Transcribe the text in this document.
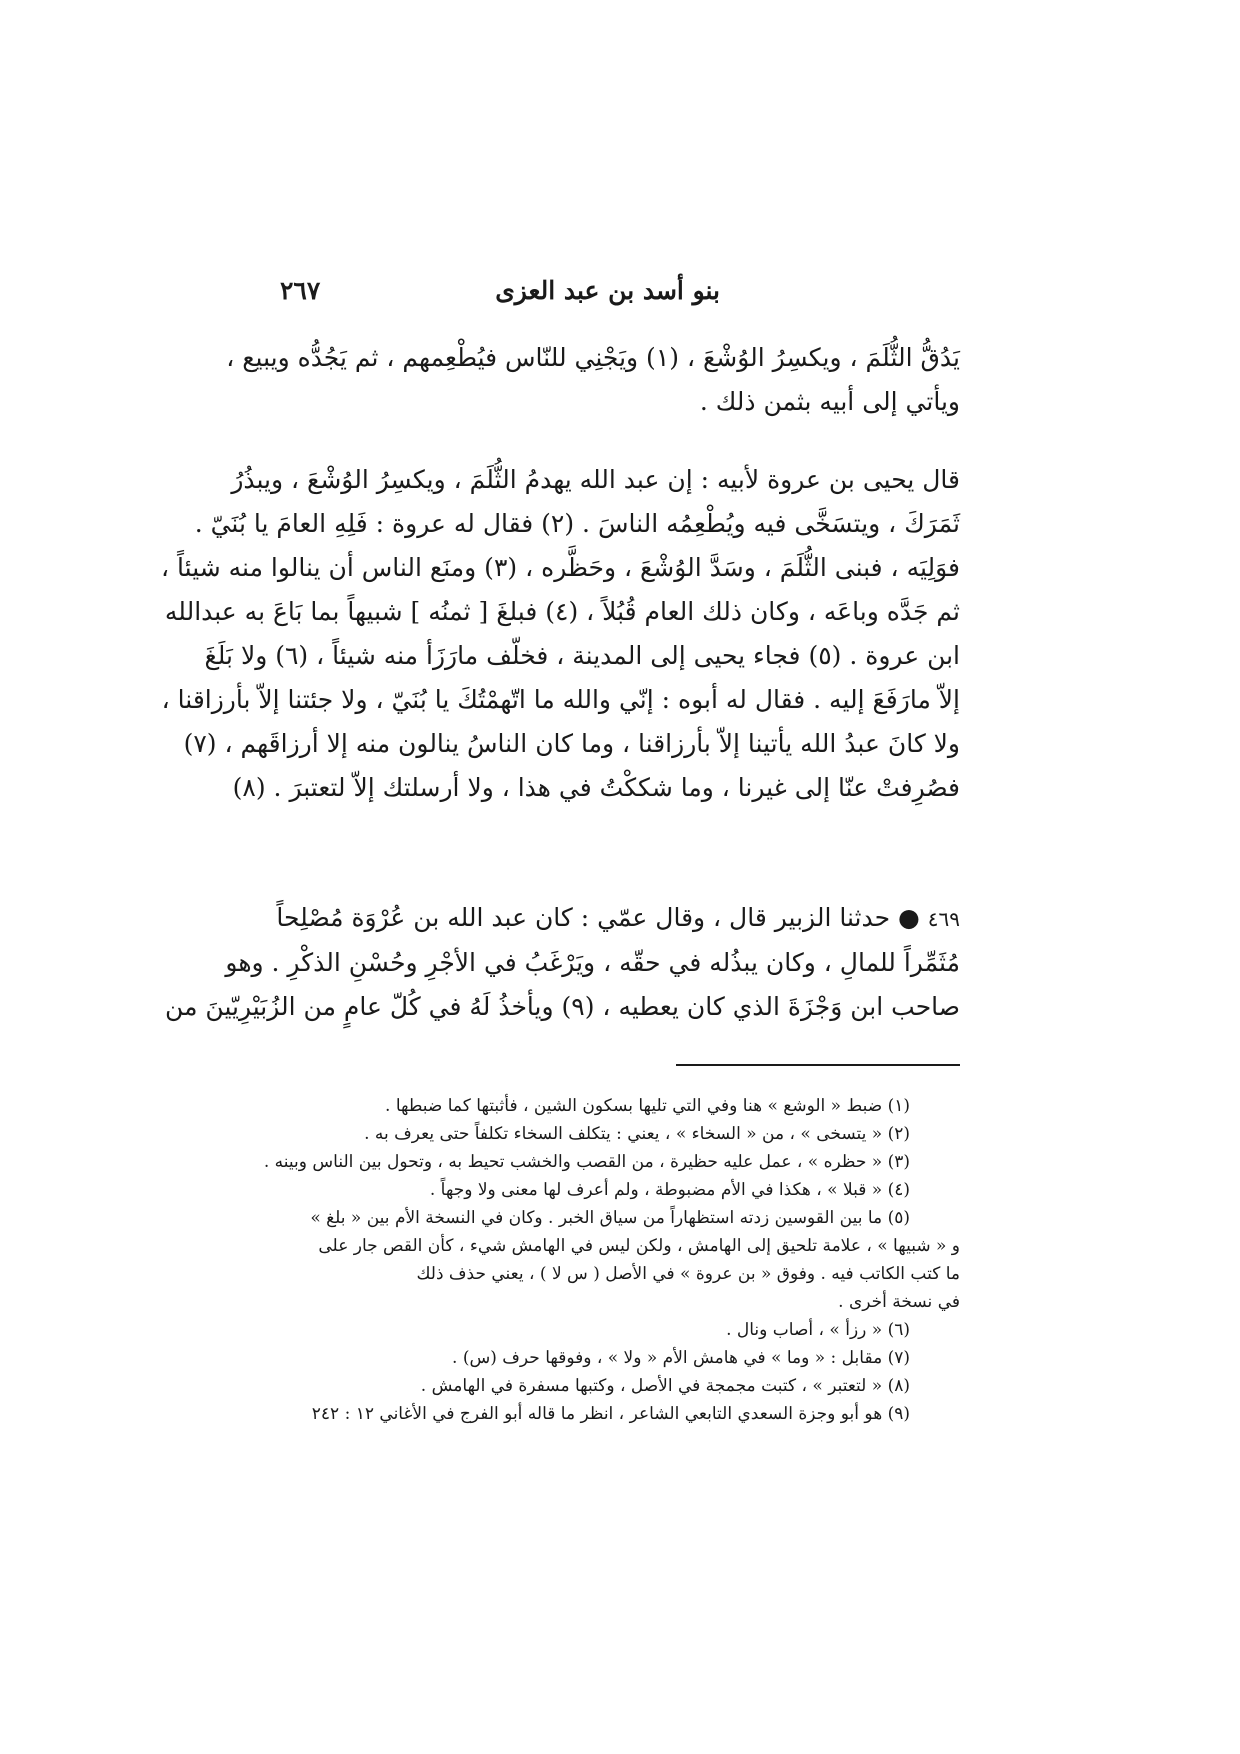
بنو أسد بن عبد العزى
٢٦٧
يَدُقُّ الثُّلَمَ ، ويكسِرُ الوُشْعَ ، (١) ويَجْنِي للنّاس فيُطْعِمهم ، ثم يَجُدُّه ويبيع ،
ويأتي إلى أبيه بثمن ذلك .
قال يحيى بن عروة لأبيه : إن عبد الله يهدمُ الثُّلَمَ ، ويكسِرُ الوُشْعَ ، ويبذُرُ
ثَمَرَكَ ، ويتسَخَّى فيه ويُطْعِمُه الناسَ . (٢) فقال له عروة : فَلِهِ العامَ يا بُنَيّ .
فوَلِيَه ، فبنى الثُّلَمَ ، وسَدَّ الوُشْعَ ، وحَظَّره ، (٣) ومنَع الناس أن ينالوا منه شيئاً ،
ثم جَدَّه وباعَه ، وكان ذلك العام قُبُلاً ، (٤) فبلغَ [ ثمنُه ] شبيهاً بما بَاعَ به عبدالله
ابن عروة . (٥) فجاء يحيى إلى المدينة ، فخلّف مارَزَأ منه شيئاً ، (٦) ولا بَلَغَ
إلاّ مارَفَعَ إليه . فقال له أبوه : إنّي والله ما اتّهمْتُكَ يا بُنَيّ ، ولا جئتنا إلاّ بأرزاقنا ،
ولا كانَ عبدُ الله يأتينا إلاّ بأرزاقنا ، وما كان الناسُ ينالون منه إلا أرزاقَهم ، (٧)
فصُرِفتْ عنّا إلى غيرنا ، وما شككْتُ في هذا ، ولا أرسلتك إلاّ لتعتبرَ . (٨)
٤٦٩ ● حدثنا الزبير قال ، وقال عمّي : كان عبد الله بن عُرْوَة مُصْلِحاً
مُثَمِّراً للمالِ ، وكان يبذُله في حقّه ، ويَرْغَبُ في الأجْرِ وحُسْنِ الذكْرِ . وهو
صاحب ابن وَجْزَةَ الذي كان يعطيه ، (٩) ويأخذُ لَهُ في كُلّ عامٍ من الزُبَيْرِيّينَ من
(١) ضبط « الوشع » هنا وفي التي تليها بسكون الشين ، فأثبتها كما ضبطها .
(٢) « يتسخى » ، من « السخاء » ، يعني : يتكلف السخاء تكلفاً حتى يعرف به .
(٣) « حظره » ، عمل عليه حظيرة ، من القصب والخشب تحيط به ، وتحول بين الناس وبينه .
(٤) « قبلا » ، هكذا في الأم مضبوطة ، ولم أعرف لها معنى ولا وجهاً .
(٥) ما بين القوسين زدته استظهاراً من سياق الخبر . وكان في النسخة الأم بين « بلغ »
و « شبيها » ، علامة تلحيق إلى الهامش ، ولكن ليس في الهامش شيء ، كأن القص جار على
ما كتب الكاتب فيه . وفوق « بن عروة » في الأصل ( س لا ) ، يعني حذف ذلك
في نسخة أخرى .
(٦) « رزأ » ، أصاب ونال .
(٧) مقابل : « وما » في هامش الأم « ولا » ، وفوقها حرف (س) .
(٨) « لتعتبر » ، كتبت مجمجة في الأصل ، وكتبها مسفرة في الهامش .
(٩) هو أبو وجزة السعدي التابعي الشاعر ، انظر ما قاله أبو الفرج في الأغاني ١٢ : ٢٤٢
